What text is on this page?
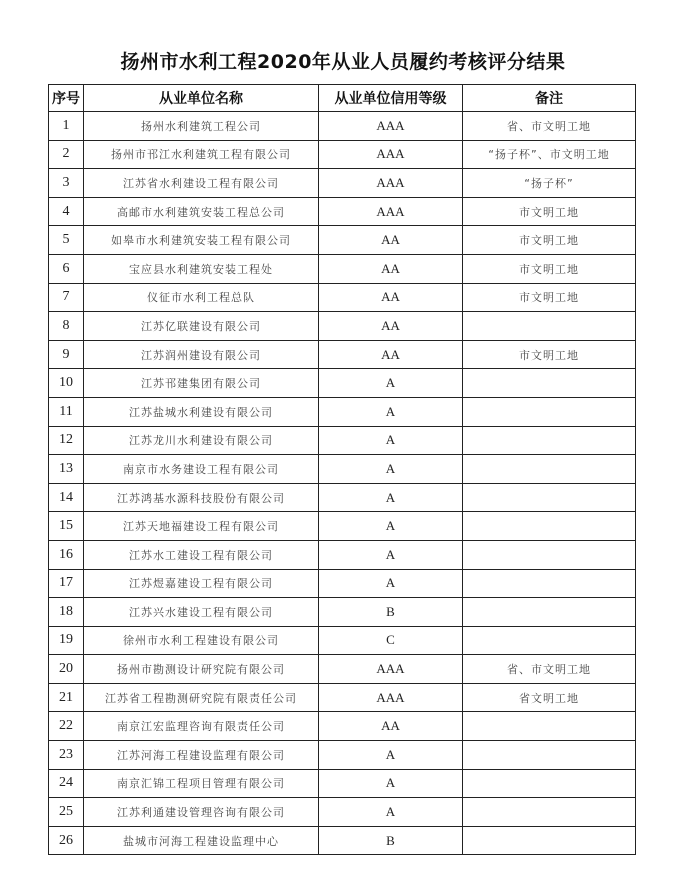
扬州市水利工程2020年从业人员履约考核评分结果
序号	从业单位名称	从业单位信用等级	备注
1	扬州水利建筑工程公司	AAA	省、市文明工地
2	扬州市邗江水利建筑工程有限公司	AAA	“扬子杯”、市文明工地
3	江苏省水利建设工程有限公司	AAA	“扬子杯”
4	高邮市水利建筑安装工程总公司	AAA	市文明工地
5	如皋市水利建筑安装工程有限公司	AA	市文明工地
6	宝应县水利建筑安装工程处	AA	市文明工地
7	仪征市水利工程总队	AA	市文明工地
8	江苏亿联建设有限公司	AA	
9	江苏润州建设有限公司	AA	市文明工地
10	江苏邗建集团有限公司	A	
11	江苏盐城水利建设有限公司	A	
12	江苏龙川水利建设有限公司	A	
13	南京市水务建设工程有限公司	A	
14	江苏鸿基水源科技股份有限公司	A	
15	江苏天地福建设工程有限公司	A	
16	江苏水工建设工程有限公司	A	
17	江苏煜嘉建设工程有限公司	A	
18	江苏兴水建设工程有限公司	B	
19	徐州市水利工程建设有限公司	C	
20	扬州市勘测设计研究院有限公司	AAA	省、市文明工地
21	江苏省工程勘测研究院有限责任公司	AAA	省文明工地
22	南京江宏监理咨询有限责任公司	AA	
23	江苏河海工程建设监理有限公司	A	
24	南京汇锦工程项目管理有限公司	A	
25	江苏利通建设管理咨询有限公司	A	
26	盐城市河海工程建设监理中心	B	
